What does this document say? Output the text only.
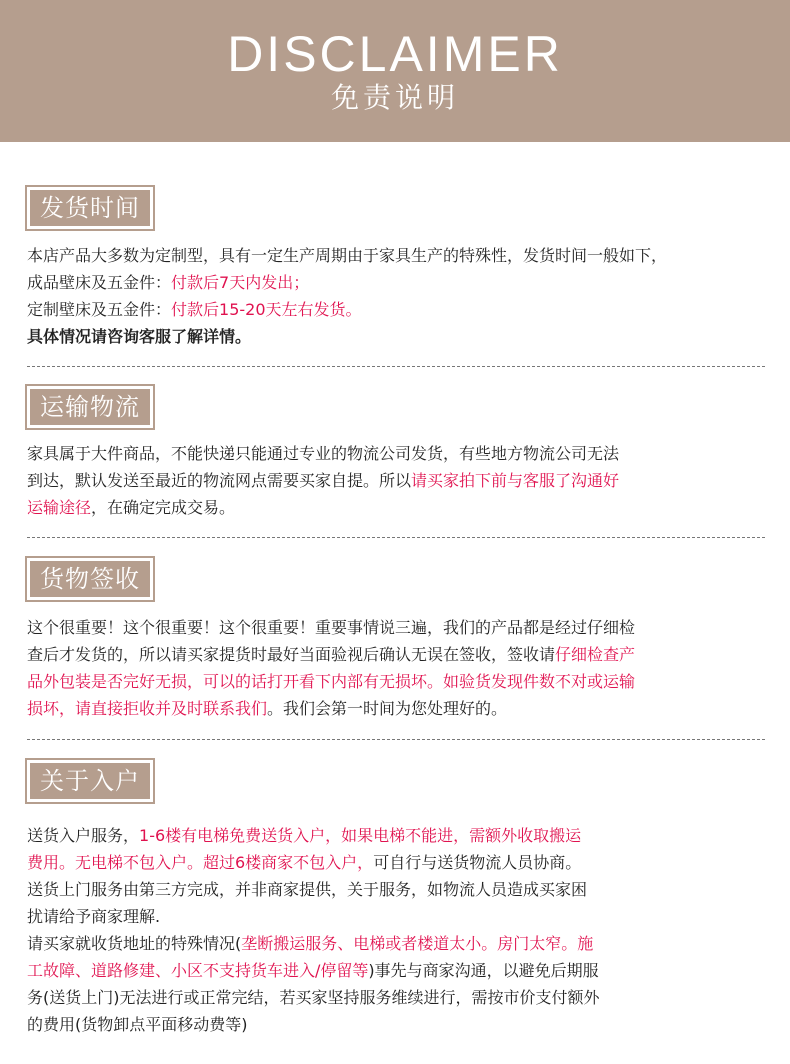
DISCLAIMER
免责说明
发货时间

本店产品大多数为定制型，具有一定生产周期由于家具生产的特殊性，发货时间一般如下，

成品壁床及五金件：付款后7天内发出；

定制壁床及五金件：付款后15-20天左右发货。

具体情况请咨询客服了解详情。

运输物流

家具属于大件商品，不能快递只能通过专业的物流公司发货，有些地方物流公司无法

到达，默认发送至最近的物流网点需要买家自提。所以请买家拍下前与客服了沟通好

运输途径，在确定完成交易。

货物签收

这个很重要！这个很重要！这个很重要！重要事情说三遍，我们的产品都是经过仔细检

查后才发货的，所以请买家提货时最好当面验视后确认无误在签收，签收请仔细检查产

品外包装是否完好无损，可以的话打开看下内部有无损坏。如验货发现件数不对或运输

损坏，请直接拒收并及时联系我们。我们会第一时间为您处理好的。

关于入户

送货入户服务，1-6楼有电梯免费送货入户，如果电梯不能进，需额外收取搬运

费用。无电梯不包入户。超过6楼商家不包入户，可自行与送货物流人员协商。

送货上门服务由第三方完成，并非商家提供，关于服务，如物流人员造成买家困

扰请给予商家理解.

请买家就收货地址的特殊情况(垄断搬运服务、电梯或者楼道太小。房门太窄。施

工故障、道路修建、小区不支持货车进入/停留等)事先与商家沟通，以避免后期服

务(送货上门)无法进行或正常完结，若买家坚持服务维续进行，需按市价支付额外

的费用(货物卸点平面移动费等)
